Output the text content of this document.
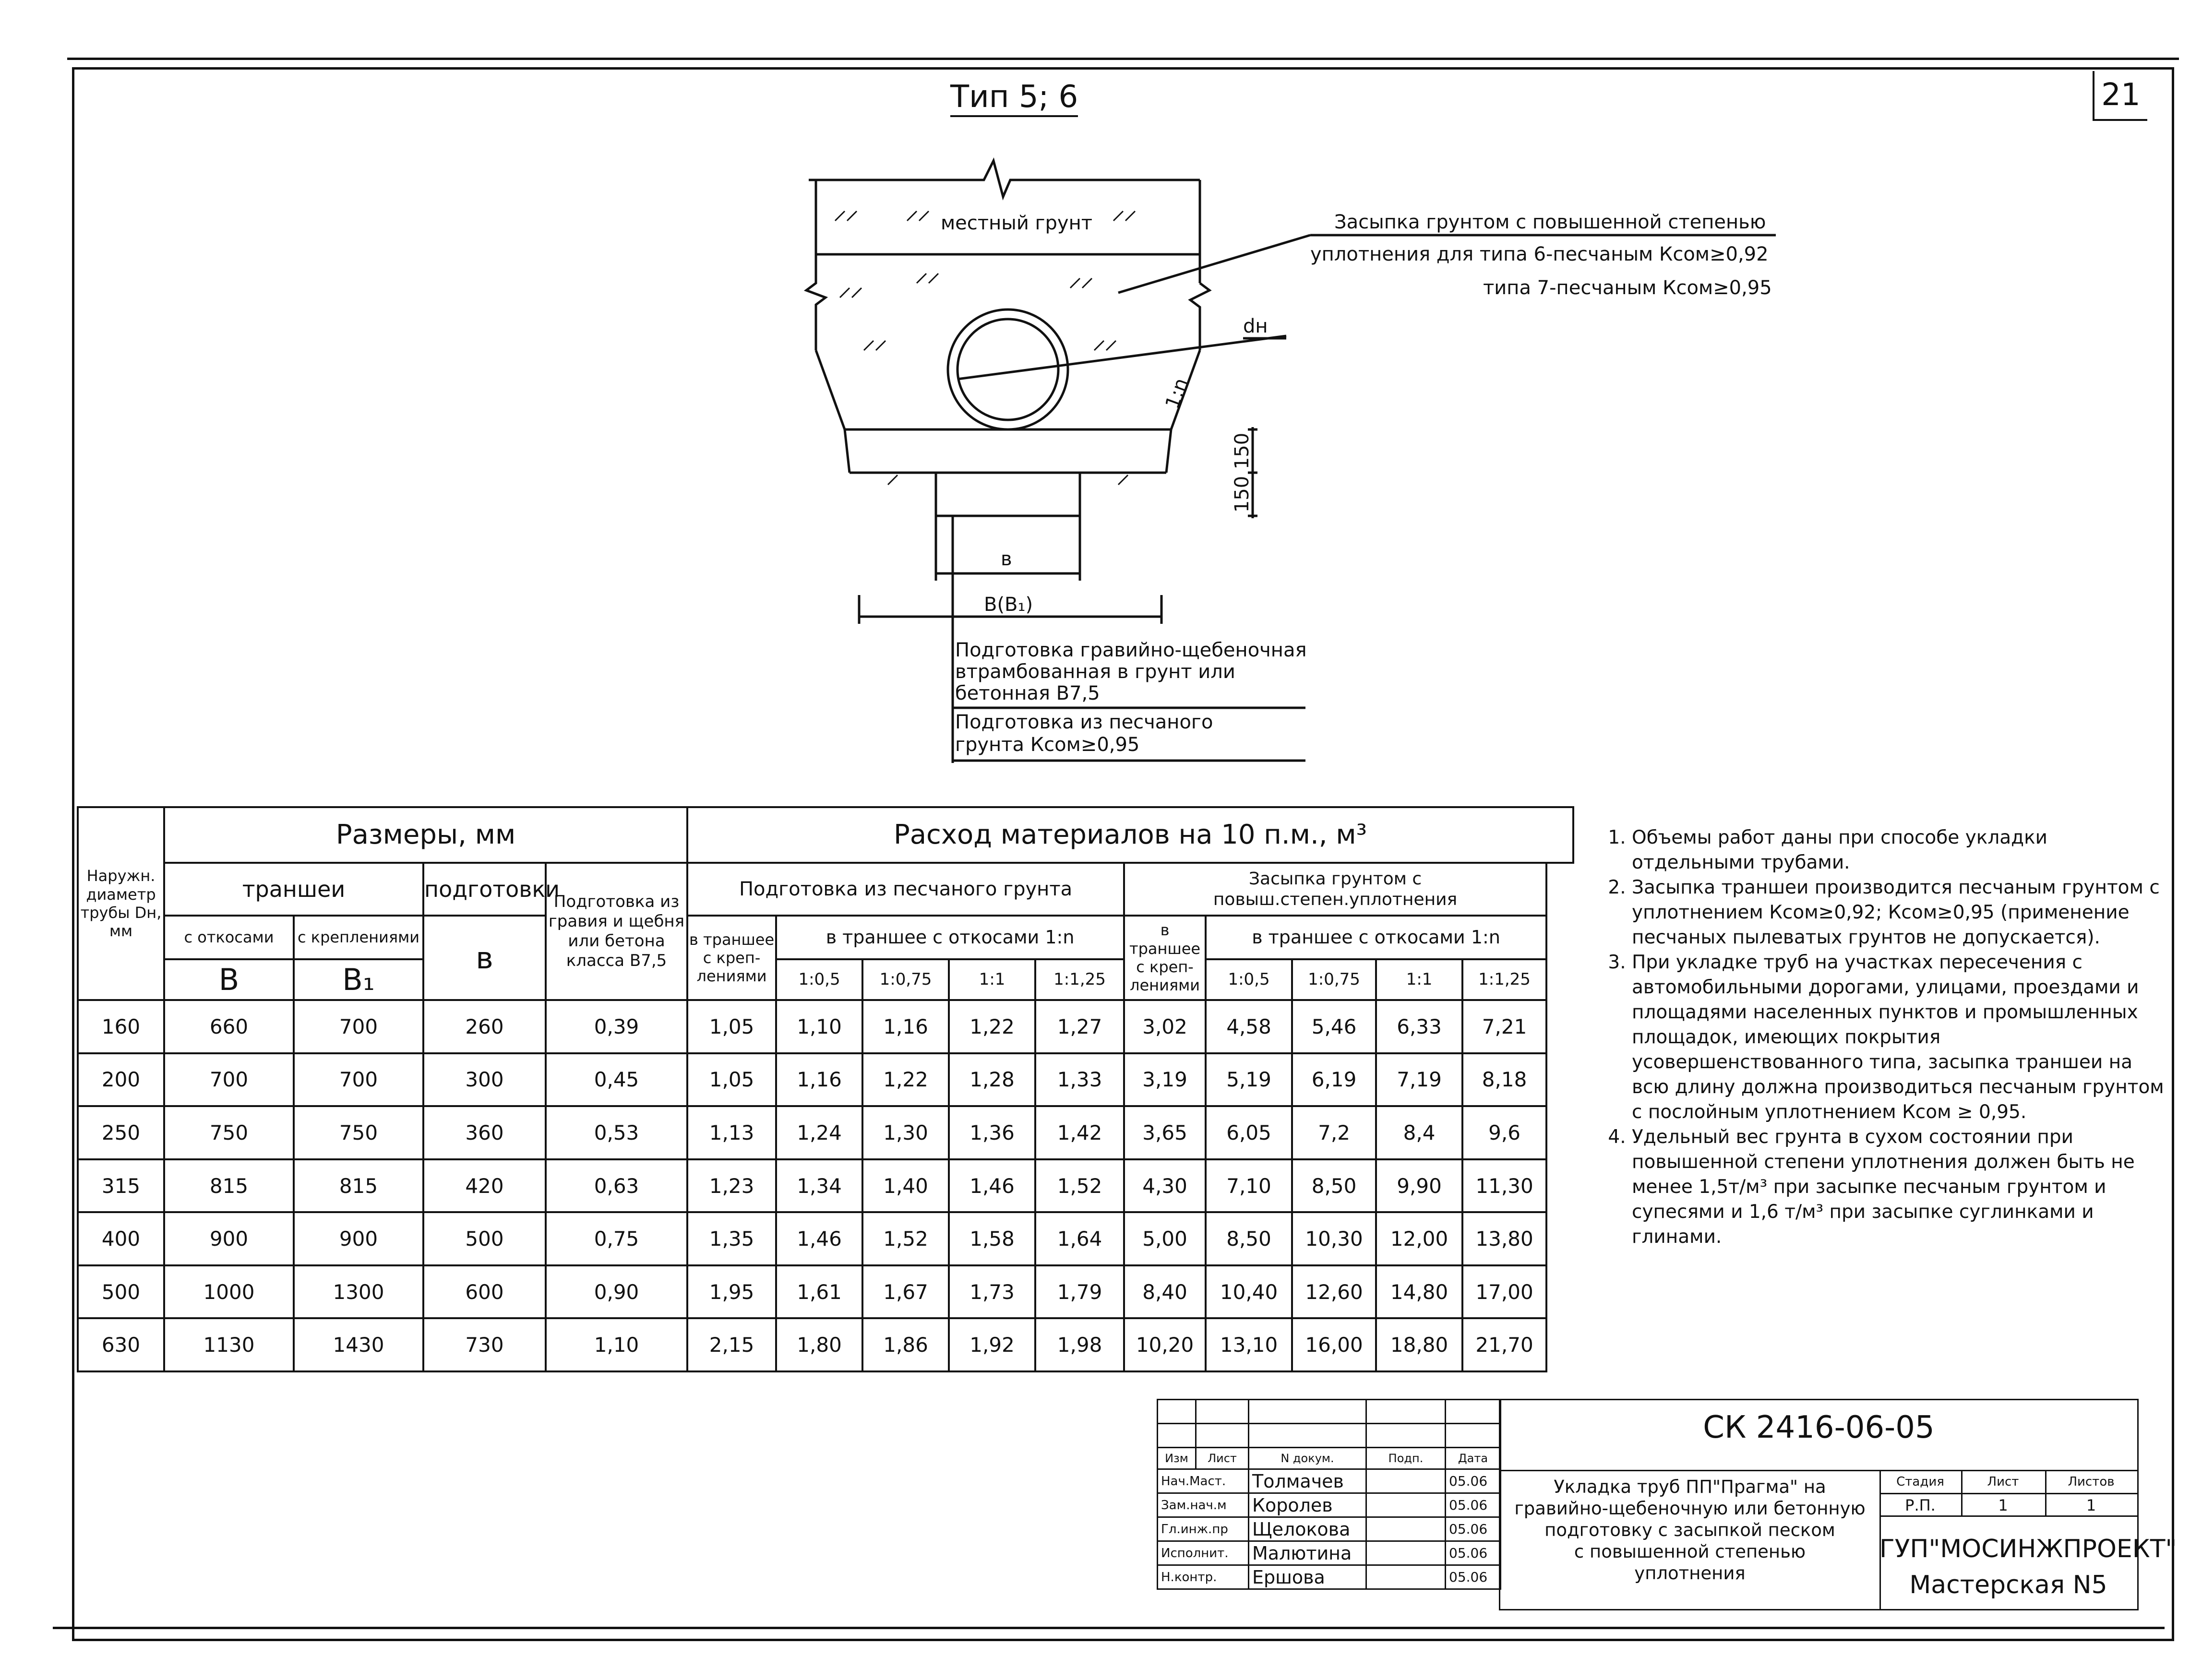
21
Тип 5; 6
местный грунт	Засыпка грунтом с повышенной степенью
уплотнения для типа 6-песчаным Ксом≥0,92
типа 7-песчаным Ксом≥0,95
dн
1:n
150
150
в
В(В₁)
Подготовка гравийно-щебеночная
втрамбованная в грунт или
бетонная В7,5
Подготовка из песчаного
грунта Ксом≥0,95
Наружн. диаметр трубы Dн, мм	Размеры, мм				Расход материалов на 10 п.м., м³									
	траншеи		подготовки	Подготовка из гравия и щебня или бетона класса В7,5	Подготовка из песчаного грунта					Засыпка грунтом с повыш.степен.уплотнения				
	с откосами	с креплениями	в		в траншее с креп-лениями	в траншее с откосами 1:n				в траншее с креп-лениями	в траншее с откосами 1:n			
	В	В₁				1:0,5	1:0,75	1:1	1:1,25		1:0,5	1:0,75	1:1	1:1,25
160	660	700	260	0,39	1,05	1,10	1,16	1,22	1,27	3,02	4,58	5,46	6,33	7,21
200	700	700	300	0,45	1,05	1,16	1,22	1,28	1,33	3,19	5,19	6,19	7,19	8,18
250	750	750	360	0,53	1,13	1,24	1,30	1,36	1,42	3,65	6,05	7,2	8,4	9,6
315	815	815	420	0,63	1,23	1,34	1,40	1,46	1,52	4,30	7,10	8,50	9,90	11,30
400	900	900	500	0,75	1,35	1,46	1,52	1,58	1,64	5,00	8,50	10,30	12,00	13,80
500	1000	1300	600	0,90	1,95	1,61	1,67	1,73	1,79	8,40	10,40	12,60	14,80	17,00
630	1130	1430	730	1,10	2,15	1,80	1,86	1,92	1,98	10,20	13,10	16,00	18,80	21,70
1. Объемы работ даны при способе укладки отдельными трубами.
2. Засыпка траншеи производится песчаным грунтом с уплотнением Ксом≥0,92; Ксом≥0,95 (применение песчаных пылеватых грунтов не допускается).
3. При укладке труб на участках пересечения с автомобильными дорогами, улицами, проездами и площадями населенных пунктов и промышленных площадок, имеющих покрытия усовершенствованного типа, засыпка траншеи на всю длину должна производиться песчаным грунтом с послойным уплотнением Ксом ≥ 0,95.
4. Удельный вес грунта в сухом состоянии при повышенной степени уплотнения должен быть не менее 1,5т/м³ при засыпке песчаным грунтом и супесями и 1,6 т/м³ при засыпке суглинками и глинами.

Изм	Лист	N докум.	Подп.	Дата
Нач.Маст.		Толмачев		05.06
Зам.нач.м		Королев		05.06
Гл.инж.пр		Щелокова		05.06
Исполнит.		Малютина		05.06
Н.контр.		Ершова		05.06
СК 2416-06-05
Укладка труб ПП"Прагма" на
гравийно-щебеночную или бетонную
подготовку с засыпкой песком
с повышенной степенью
уплотнения
Стадия	Лист	Листов
Р.П.	1	1
ГУП"МОСИНЖПРОЕКТ"
Мастерская N5
